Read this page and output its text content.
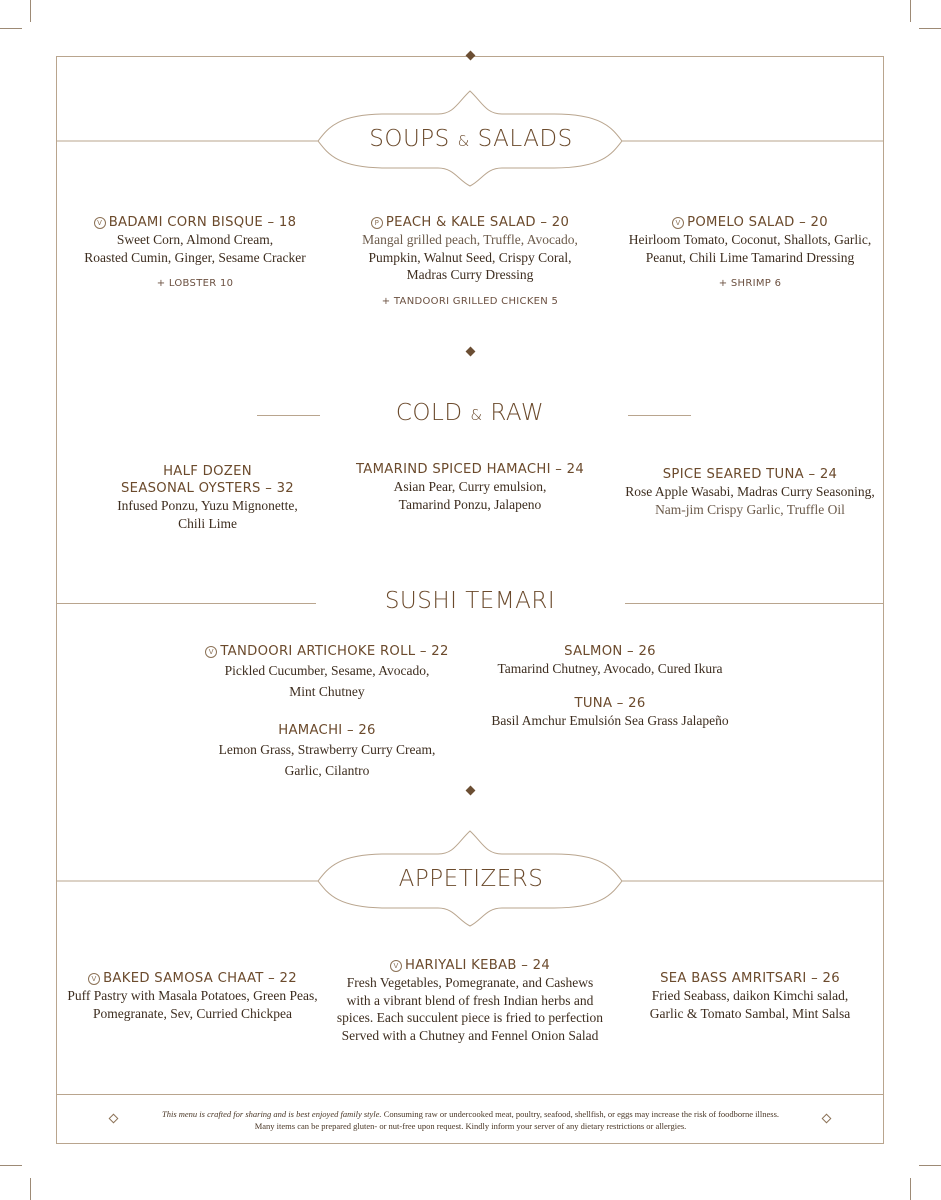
SOUPS & SALADS
V BADAMI CORN BISQUE – 18
Sweet Corn, Almond Cream,
Roasted Cumin, Ginger, Sesame Cracker
+ LOBSTER 10
P PEACH & KALE SALAD – 20
Mangal grilled peach, Truffle, Avocado,
Pumpkin, Walnut Seed, Crispy Coral,
Madras Curry Dressing
+ TANDOORI GRILLED CHICKEN 5
V POMELO SALAD – 20
Heirloom Tomato, Coconut, Shallots, Garlic,
Peanut, Chili Lime Tamarind Dressing
+ SHRIMP 6
COLD & RAW
HALF DOZEN
SEASONAL OYSTERS – 32
Infused Ponzu, Yuzu Mignonette,
Chili Lime
TAMARIND SPICED HAMACHI – 24
Asian Pear, Curry emulsion,
Tamarind Ponzu, Jalapeno
SPICE SEARED TUNA – 24
Rose Apple Wasabi, Madras Curry Seasoning,
Nam-jim Crispy Garlic, Truffle Oil
SUSHI TEMARI
V TANDOORI ARTICHOKE ROLL – 22
Pickled Cucumber, Sesame, Avocado,
Mint Chutney
HAMACHI – 26
Lemon Grass, Strawberry Curry Cream,
Garlic, Cilantro
SALMON – 26
Tamarind Chutney, Avocado, Cured Ikura
TUNA – 26
Basil Amchur Emulsión Sea Grass Jalapeño
APPETIZERS
V BAKED SAMOSA CHAAT – 22
Puff Pastry with Masala Potatoes, Green Peas,
Pomegranate, Sev, Curried Chickpea
V HARIYALI KEBAB – 24
Fresh Vegetables, Pomegranate, and Cashews
with a vibrant blend of fresh Indian herbs and
spices. Each succulent piece is fried to perfection
Served with a Chutney and Fennel Onion Salad
SEA BASS AMRITSARI – 26
Fried Seabass, daikon Kimchi salad,
Garlic & Tomato Sambal, Mint Salsa
This menu is crafted for sharing and is best enjoyed family style. Consuming raw or undercooked meat, poultry, seafood, shellfish, or eggs may increase the risk of foodborne illness.
Many items can be prepared gluten- or nut-free upon request. Kindly inform your server of any dietary restrictions or allergies.
